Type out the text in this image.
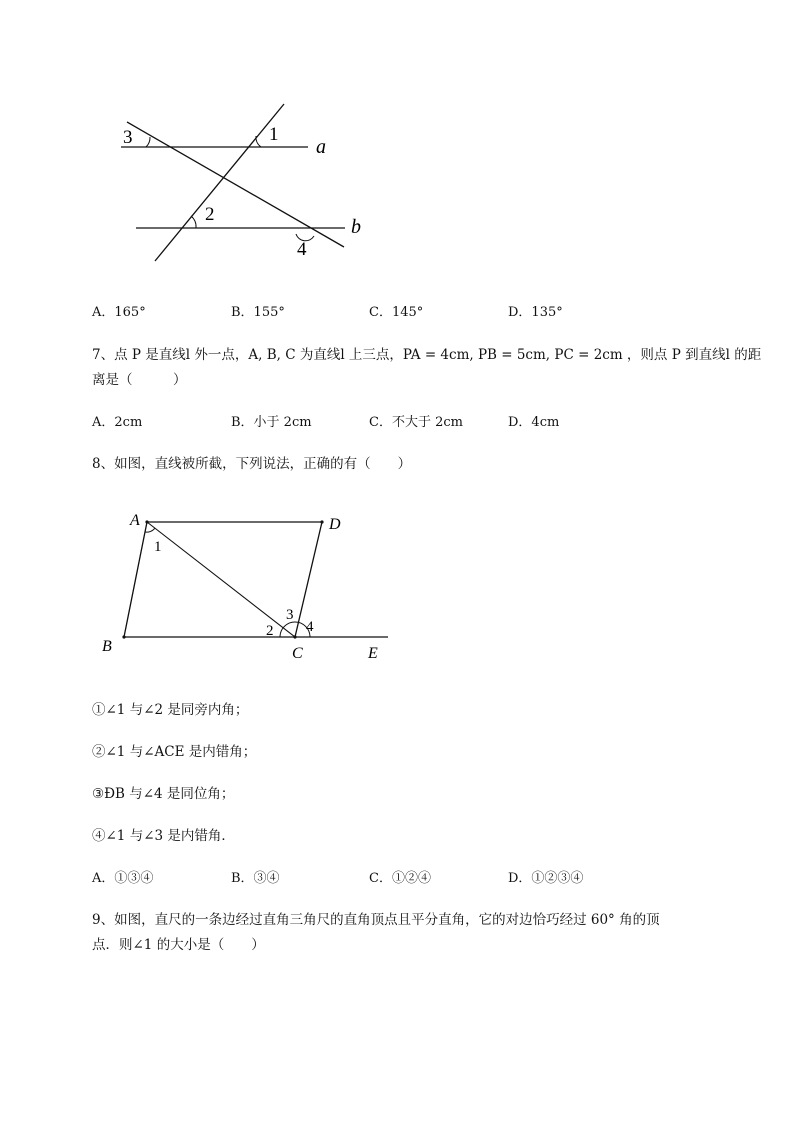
1
2
3
4
a
b
A．165°	B．155°	C．145°	D．135°
7、点 P 是直线l 外一点，A, B, C 为直线l 上三点，PA = 4cm, PB = 5cm, PC = 2cm ，则点 P 到直线l 的距
离是（　　　）
A．2cm	B．小于 2cm	C．不大于 2cm	D．4cm
8、如图，直线被所截，下列说法，正确的有（　　）
A	D
B	C	E
1
2
3
4
①∠1 与∠2 是同旁内角；
②∠1 与∠ACE 是内错角；
③ÐB 与∠4 是同位角；
④∠1 与∠3 是内错角．
A．①③④	B．③④	C．①②④	D．①②③④
9、如图，直尺的一条边经过直角三角尺的直角顶点且平分直角，它的对边恰巧经过 60° 角的顶
点．则∠1 的大小是（　　）
